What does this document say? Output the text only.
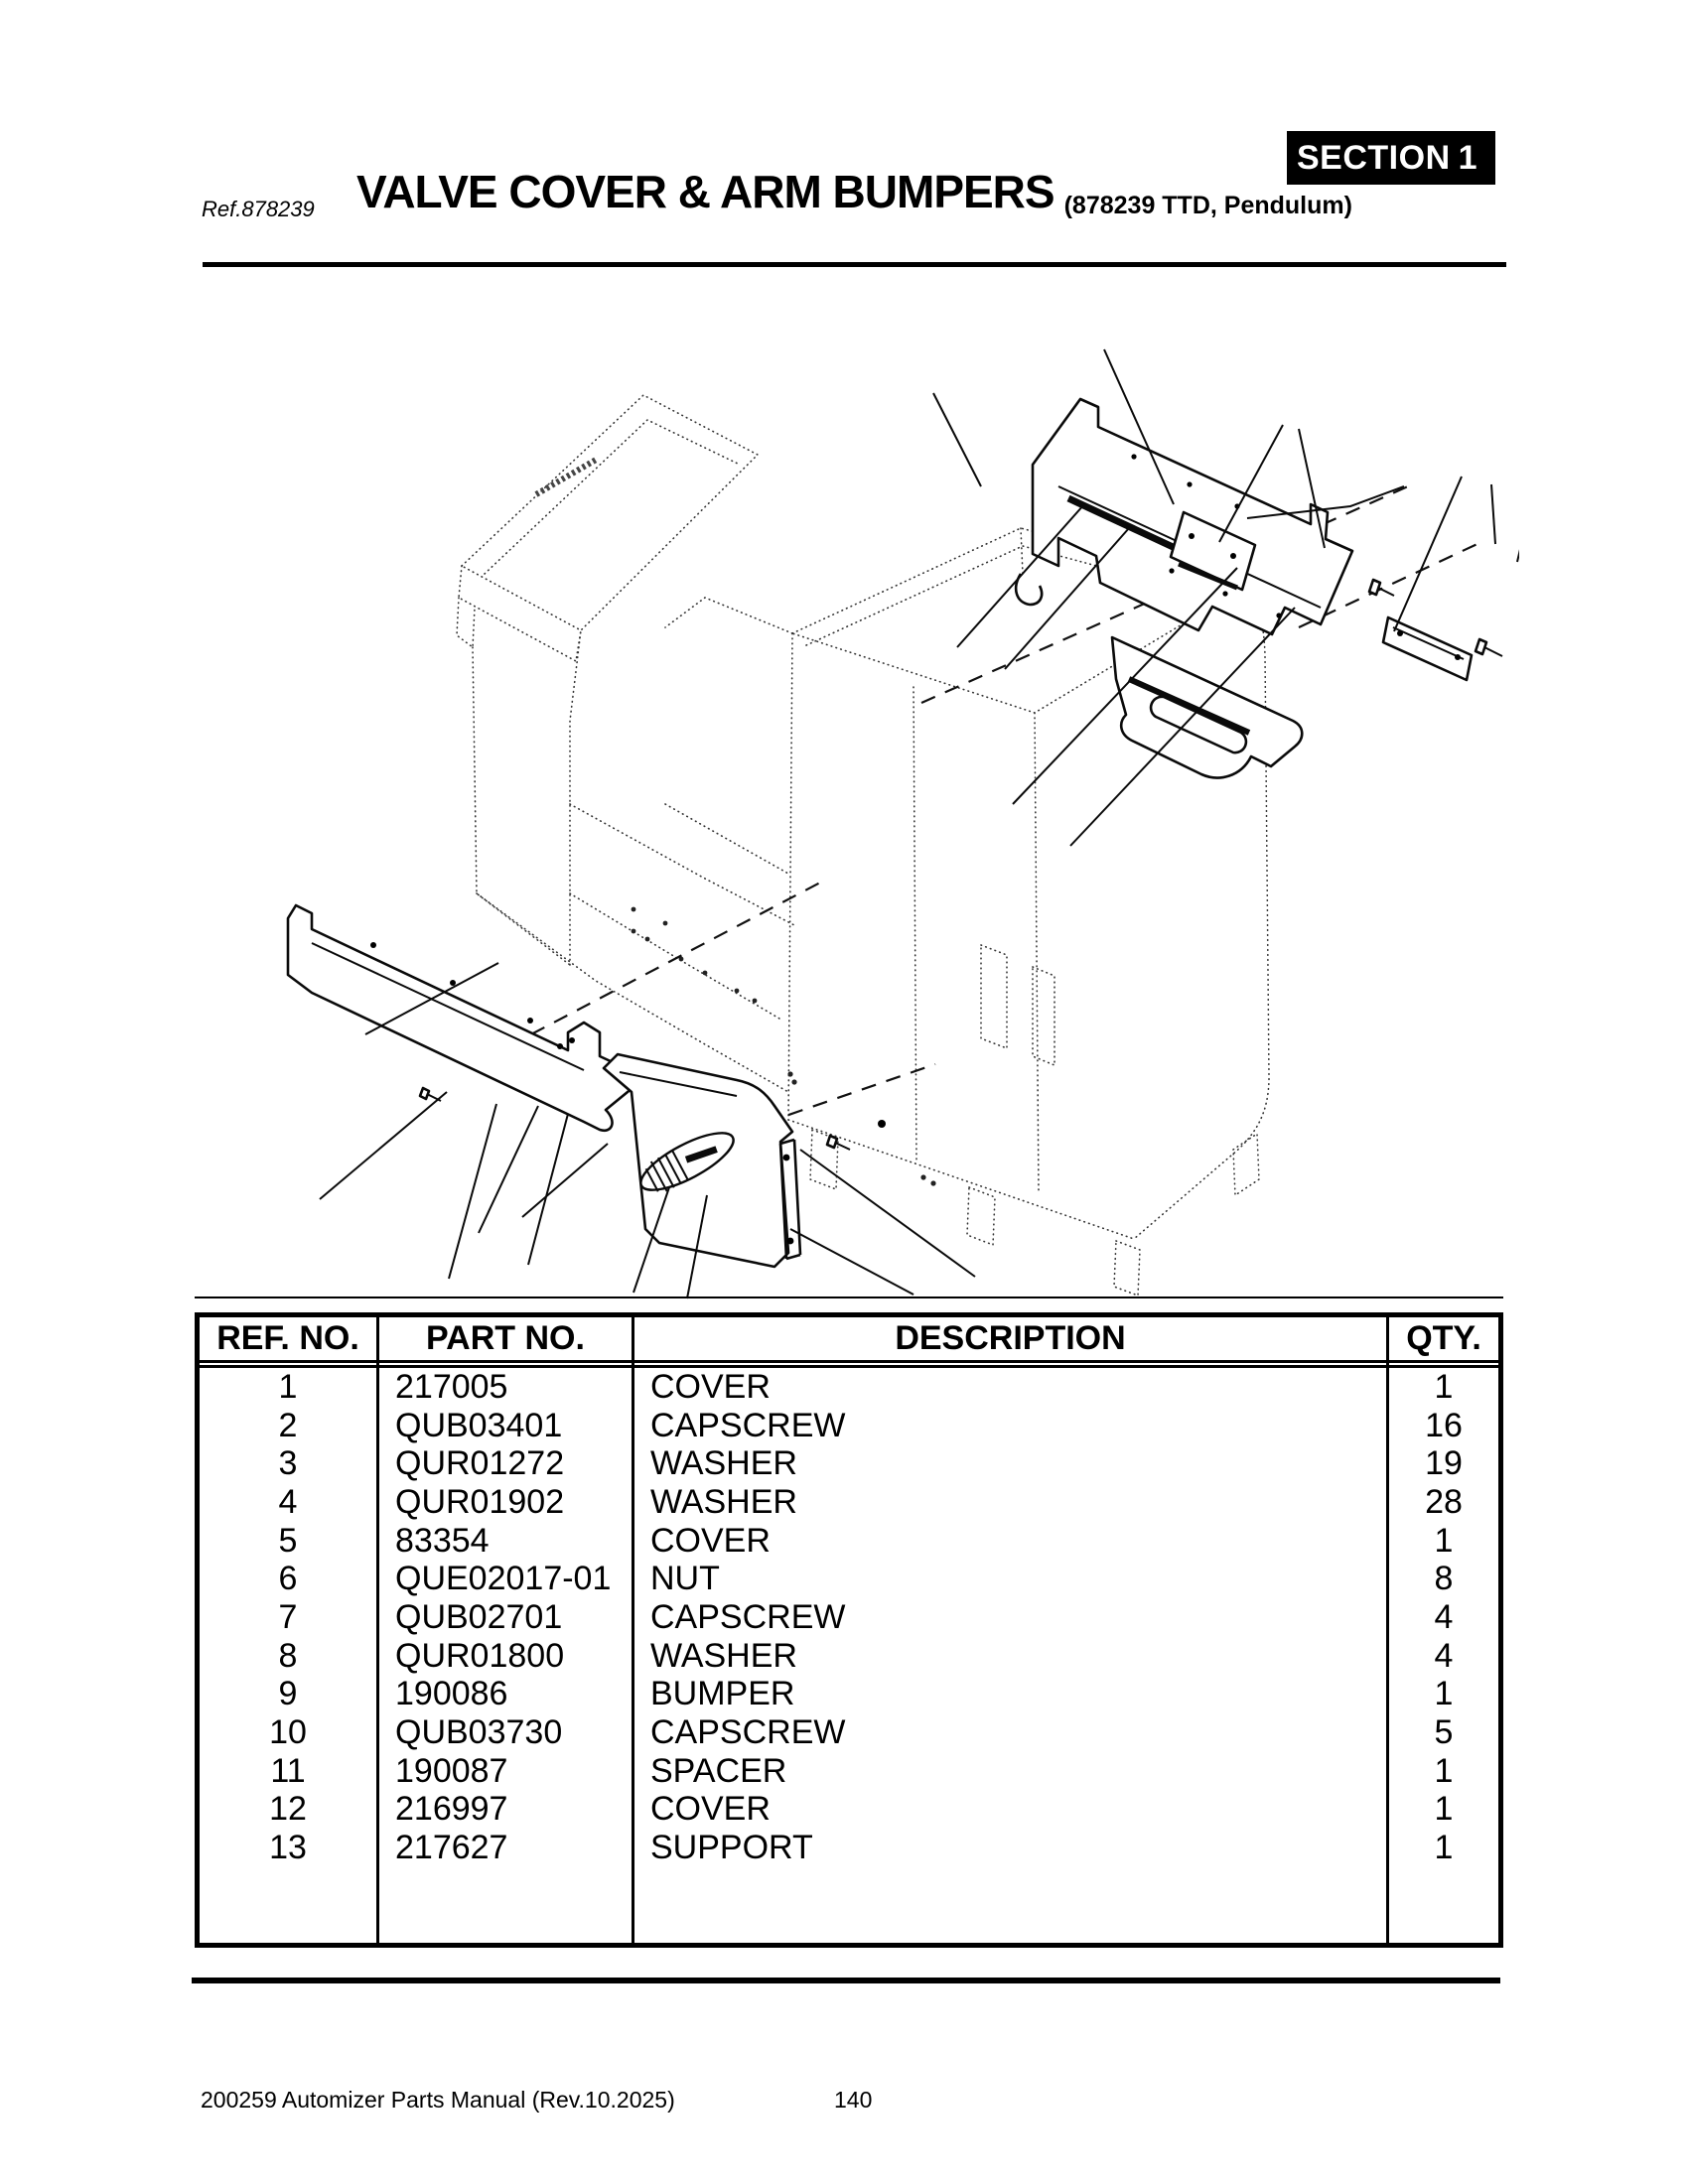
SECTION 1
Ref.878239 VALVE COVER & ARM BUMPERS (878239 TTD, Pendulum)
REF. NO.	PART NO.	DESCRIPTION	QTY.
1	217005	COVER	1
2	QUB03401	CAPSCREW	16
3	QUR01272	WASHER	19
4	QUR01902	WASHER	28
5	83354	COVER	1
6	QUE02017-01	NUT	8
7	QUB02701	CAPSCREW	4
8	QUR01800	WASHER	4
9	190086	BUMPER	1
10	QUB03730	CAPSCREW	5
11	190087	SPACER	1
12	216997	COVER	1
13	217627	SUPPORT	1
200259 Automizer Parts Manual (Rev.10.2025)	140
